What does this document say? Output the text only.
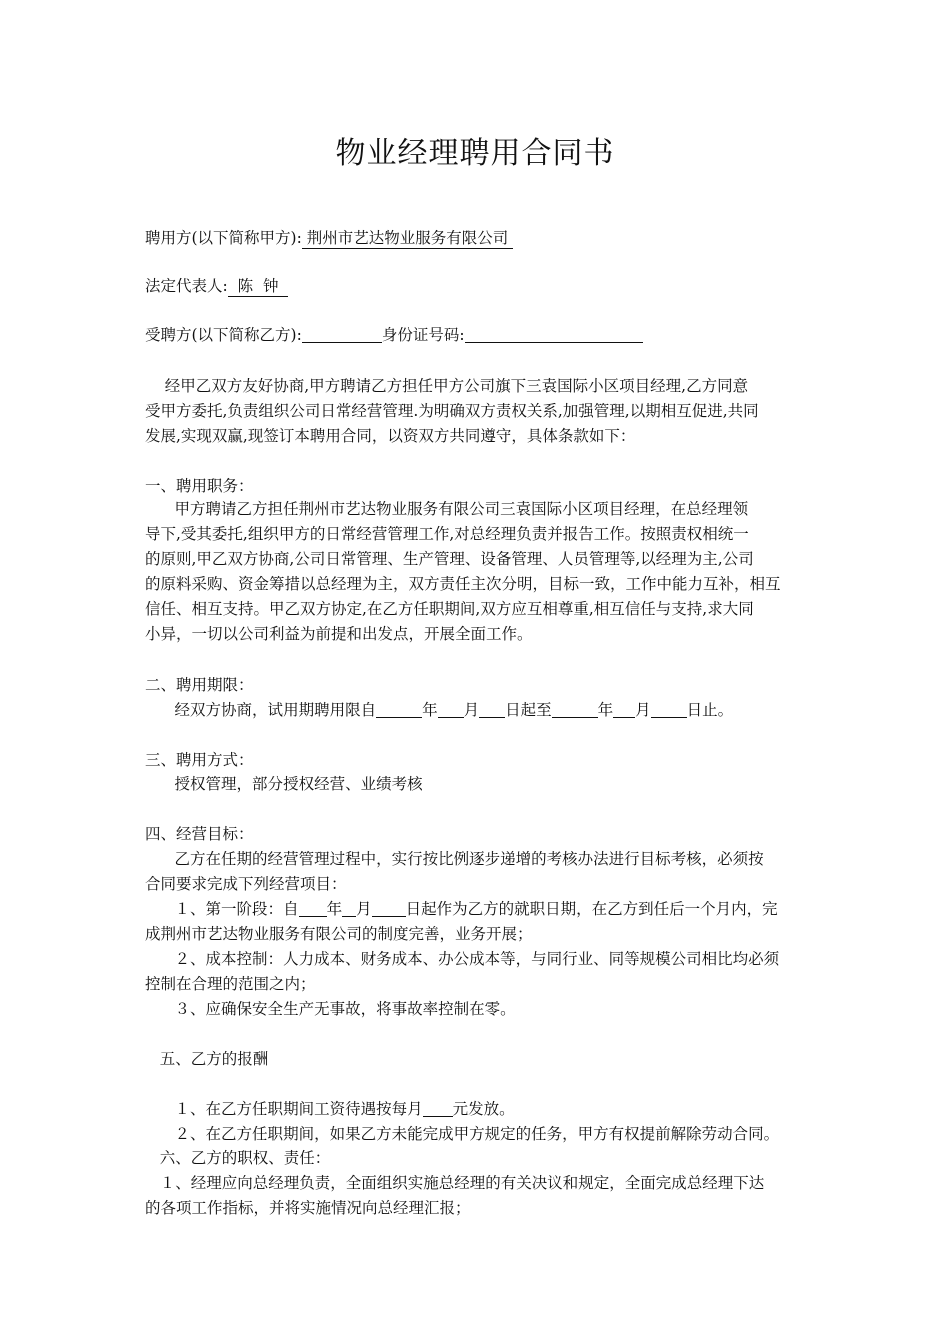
物业经理聘用合同书
聘用方(以下简称甲方): 荆州市艺达物业服务有限公司
法定代表人:  陈  钟
受聘方(以下简称乙方):	身份证号码:
经甲乙双方友好协商,甲方聘请乙方担任甲方公司旗下三袁国际小区项目经理,乙方同意
受甲方委托,负责组织公司日常经营管理.为明确双方责权关系,加强管理,以期相互促进,共同
发展,实现双赢,现签订本聘用合同，以资双方共同遵守，具体条款如下：
一、聘用职务：
甲方聘请乙方担任荆州市艺达物业服务有限公司三袁国际小区项目经理，在总经理领
导下,受其委托,组织甲方的日常经营管理工作,对总经理负责并报告工作。按照责权相统一
的原则,甲乙双方协商,公司日常管理、生产管理、设备管理、人员管理等,以经理为主,公司
的原料采购、资金筹措以总经理为主，双方责任主次分明，目标一致，工作中能力互补，相互
信任、相互支持。甲乙双方协定,在乙方任职期间,双方应互相尊重,相互信任与支持,求大同
小异，一切以公司利益为前提和出发点，开展全面工作。
二、聘用期限：
经双方协商，试用期聘用限自	年 月 日起至	年 月 日止。
三、聘用方式：
授权管理，部分授权经营、业绩考核
四、经营目标：
乙方在任期的经营管理过程中，实行按比例逐步递增的考核办法进行目标考核，必须按
合同要求完成下列经营项目：
１、第一阶段：自 年 月 日起作为乙方的就职日期，在乙方到任后一个月内，完
成荆州市艺达物业服务有限公司的制度完善，业务开展；
２、成本控制：人力成本、财务成本、办公成本等，与同行业、同等规模公司相比均必须
控制在合理的范围之内；
３、应确保安全生产无事故，将事故率控制在零。
五、乙方的报酬
１、在乙方任职期间工资待遇按每月 元发放。
２、在乙方任职期间，如果乙方未能完成甲方规定的任务，甲方有权提前解除劳动合同。
六、乙方的职权、责任：
１、经理应向总经理负责，全面组织实施总经理的有关决议和规定，全面完成总经理下达
的各项工作指标，并将实施情况向总经理汇报；
